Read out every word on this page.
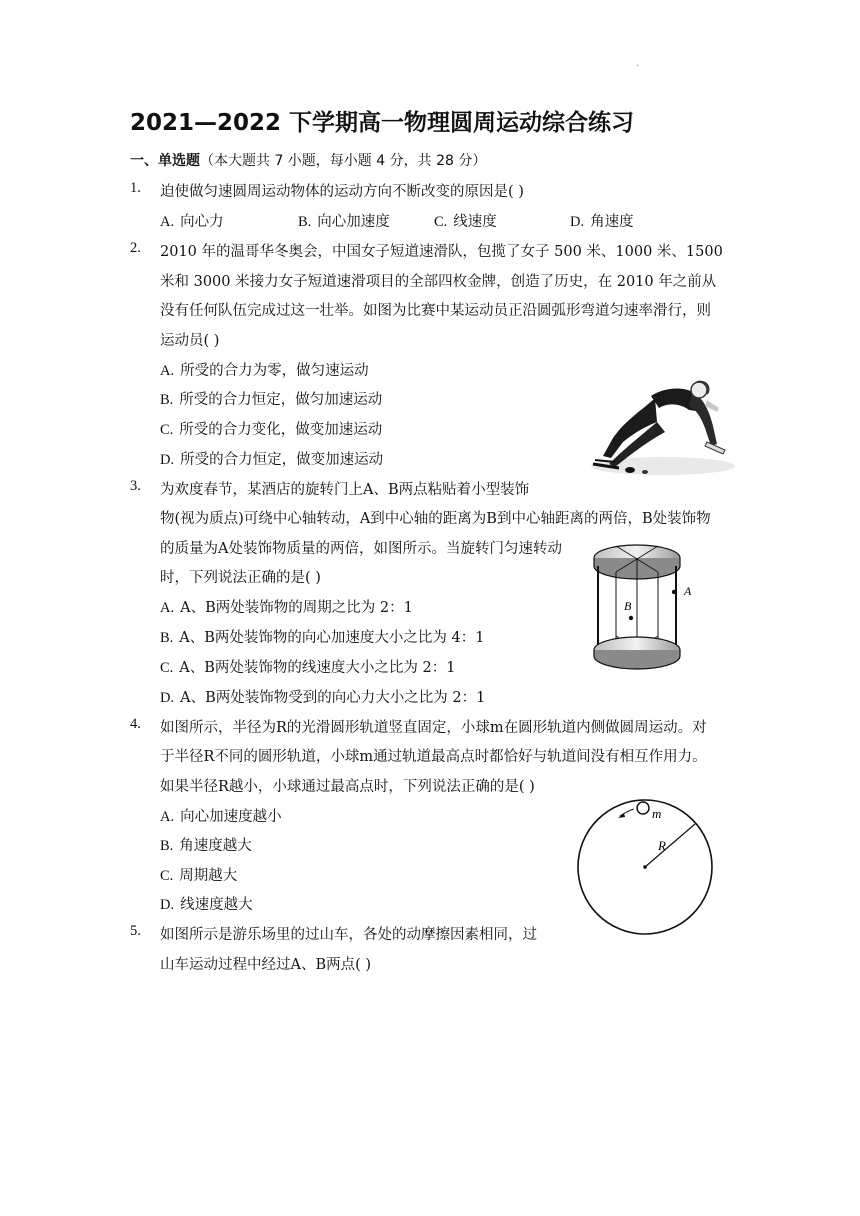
.
2021—2022 下学期高一物理圆周运动综合练习
一、单选题（本大题共 7 小题，每小题 4 分，共 28 分）
1. 迫使做匀速圆周运动物体的运动方向不断改变的原因是( )
A. 向心力	B. 向心加速度	C. 线速度	D. 角速度
2. 2010 年的温哥华冬奥会，中国女子短道速滑队，包揽了女子 500 米、1000 米、1500
米和 3000 米接力女子短道速滑项目的全部四枚金牌，创造了历史，在 2010 年之前从
没有任何队伍完成过这一壮举。如图为比赛中某运动员正沿圆弧形弯道匀速率滑行，则
运动员( )
A. 所受的合力为零，做匀速运动
B. 所受的合力恒定，做匀加速运动
C. 所受的合力变化，做变加速运动
D. 所受的合力恒定，做变加速运动
3. 为欢度春节，某酒店的旋转门上A、B两点粘贴着小型装饰
物(视为质点)可绕中心轴转动，A到中心轴的距离为B到中心轴距离的两倍，B处装饰物
的质量为A处装饰物质量的两倍，如图所示。当旋转门匀速转动
时，下列说法正确的是( )
A. A、B两处装饰物的周期之比为 2：1
B. A、B两处装饰物的向心加速度大小之比为 4：1
C. A、B两处装饰物的线速度大小之比为 2：1
D. A、B两处装饰物受到的向心力大小之比为 2：1
A
B
4. 如图所示，半径为R的光滑圆形轨道竖直固定，小球m在圆形轨道内侧做圆周运动。对
于半径R不同的圆形轨道，小球m通过轨道最高点时都恰好与轨道间没有相互作用力。
如果半径R越小，小球通过最高点时，下列说法正确的是( )
A. 向心加速度越小
B. 角速度越大
C. 周期越大
D. 线速度越大
m
R
5. 如图所示是游乐场里的过山车，各处的动摩擦因素相同，过
山车运动过程中经过A、B两点( )
